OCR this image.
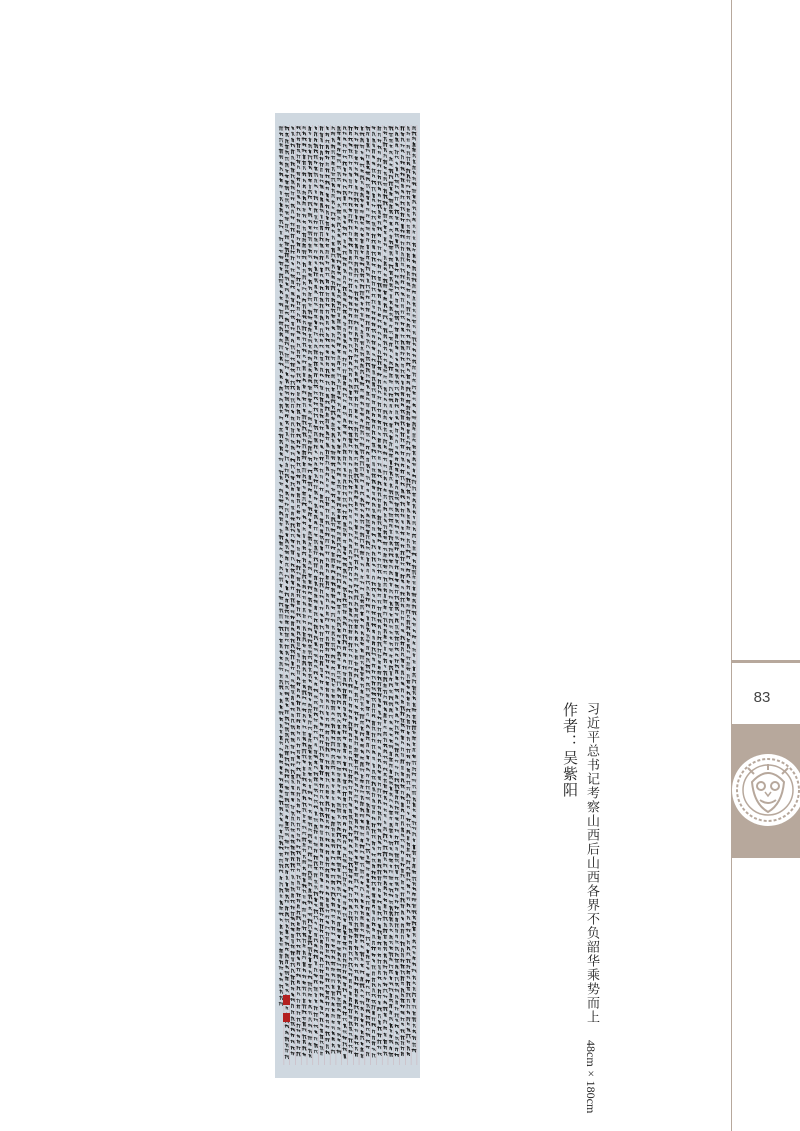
83
作者：吴紫阳 习近平总书记考察山西后山西各界不负韶华乘势而上 48cm×180cm
